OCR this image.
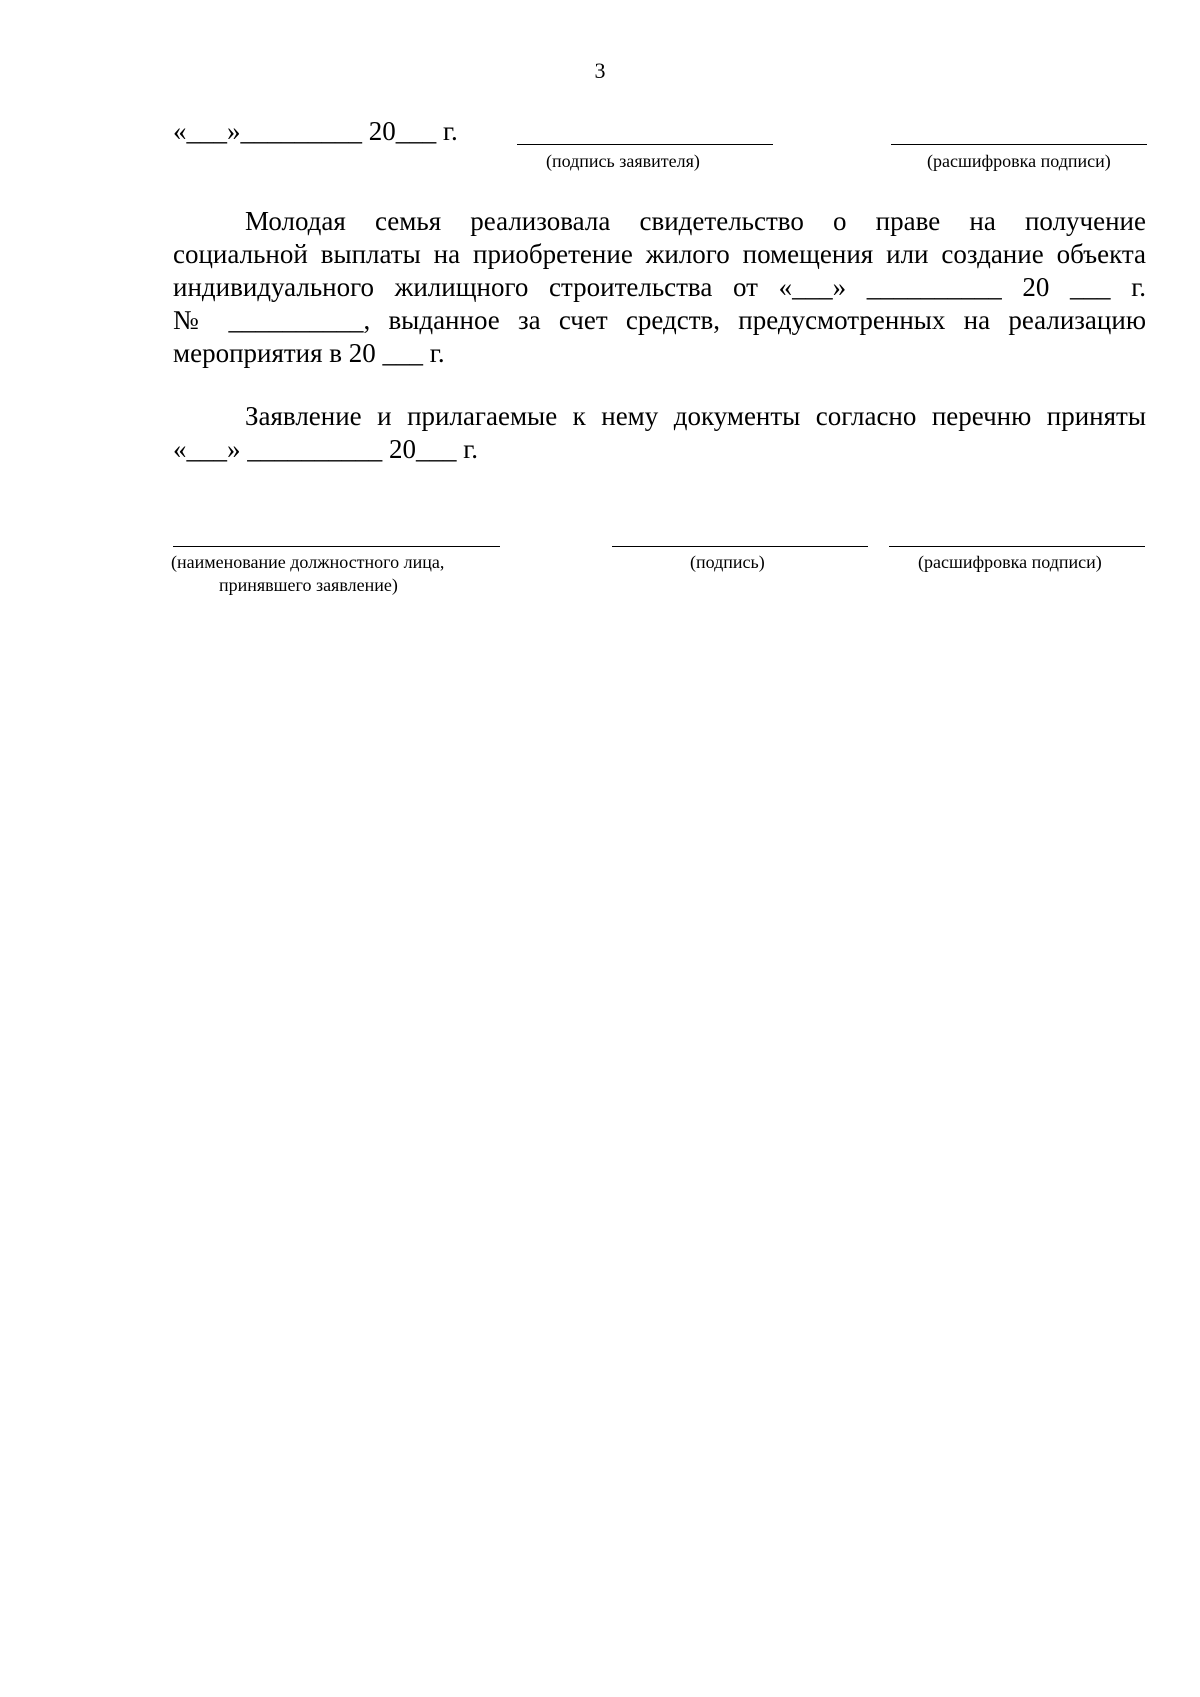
3
«___»_________ 20___ г.
(подпись заявителя)	(расшифровка подписи)
Молодая семья реализовала свидетельство о праве на получение
социальной выплаты на приобретение жилого помещения или создание объекта
индивидуального жилищного строительства от «___» __________ 20 ___ г.
№ __________, выданное за счет средств, предусмотренных на реализацию
мероприятия в 20 ___ г.
Заявление и прилагаемые к нему документы согласно перечню приняты
«___» __________ 20___ г.
(наименование должностного лица,
принявшего заявление)
(подпись)	(расшифровка подписи)
